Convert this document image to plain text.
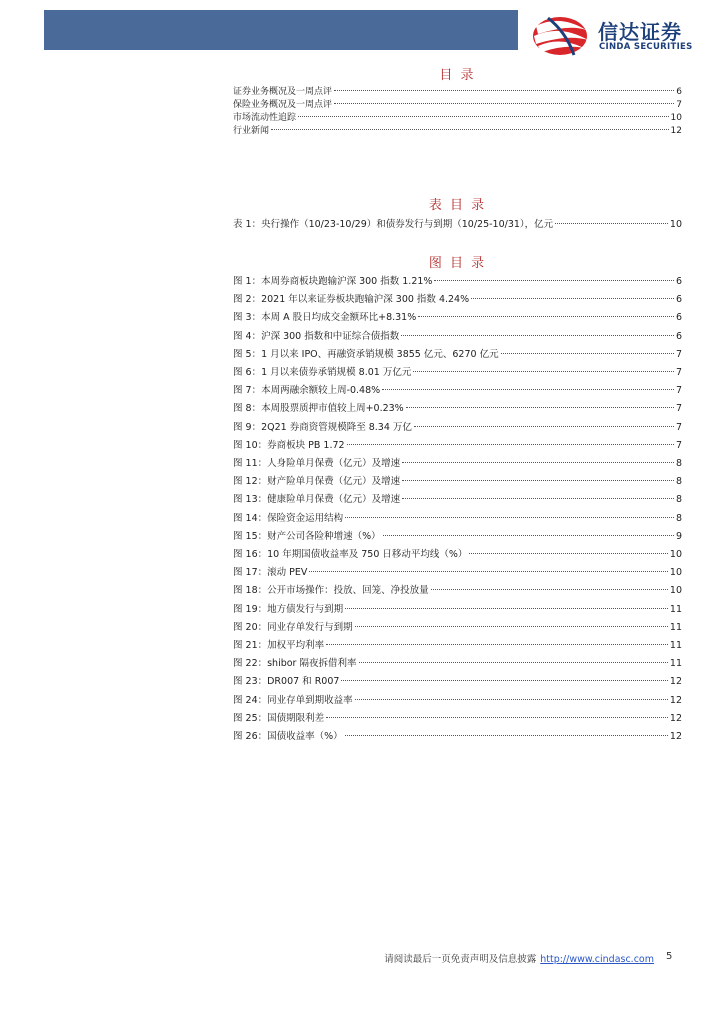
信达证券
CINDA SECURITIES
目 录
证券业务概况及一周点评	6
保险业务概况及一周点评	7
市场流动性追踪	10
行业新闻	12
表 目 录
表 1：央行操作（10/23-10/29）和债券发行与到期（10/25-10/31），亿元	10
图 目 录
图 1：本周券商板块跑输沪深 300 指数 1.21%	6
图 2：2021 年以来证券板块跑输沪深 300 指数 4.24%	6
图 3：本周 A 股日均成交金额环比+8.31%	6
图 4：沪深 300 指数和中证综合债指数	6
图 5：1 月以来 IPO、再融资承销规模 3855 亿元、6270 亿元	7
图 6：1 月以来债券承销规模 8.01 万亿元	7
图 7：本周两融余额较上周-0.48%	7
图 8：本周股票质押市值较上周+0.23%	7
图 9：2Q21 券商资管规模降至 8.34 万亿	7
图 10：券商板块 PB 1.72	7
图 11：人身险单月保费（亿元）及增速	8
图 12：财产险单月保费（亿元）及增速	8
图 13：健康险单月保费（亿元）及增速	8
图 14：保险资金运用结构	8
图 15：财产公司各险种增速（%）	9
图 16：10 年期国债收益率及 750 日移动平均线（%）	10
图 17：滚动 PEV	10
图 18：公开市场操作：投放、回笼、净投放量	10
图 19：地方债发行与到期	11
图 20：同业存单发行与到期	11
图 21：加权平均利率	11
图 22：shibor 隔夜拆借利率	11
图 23：DR007 和 R007	12
图 24：同业存单到期收益率	12
图 25：国债期限利差	12
图 26：国债收益率（%）	12
请阅读最后一页免责声明及信息披露 http://www.cindasc.com 5
